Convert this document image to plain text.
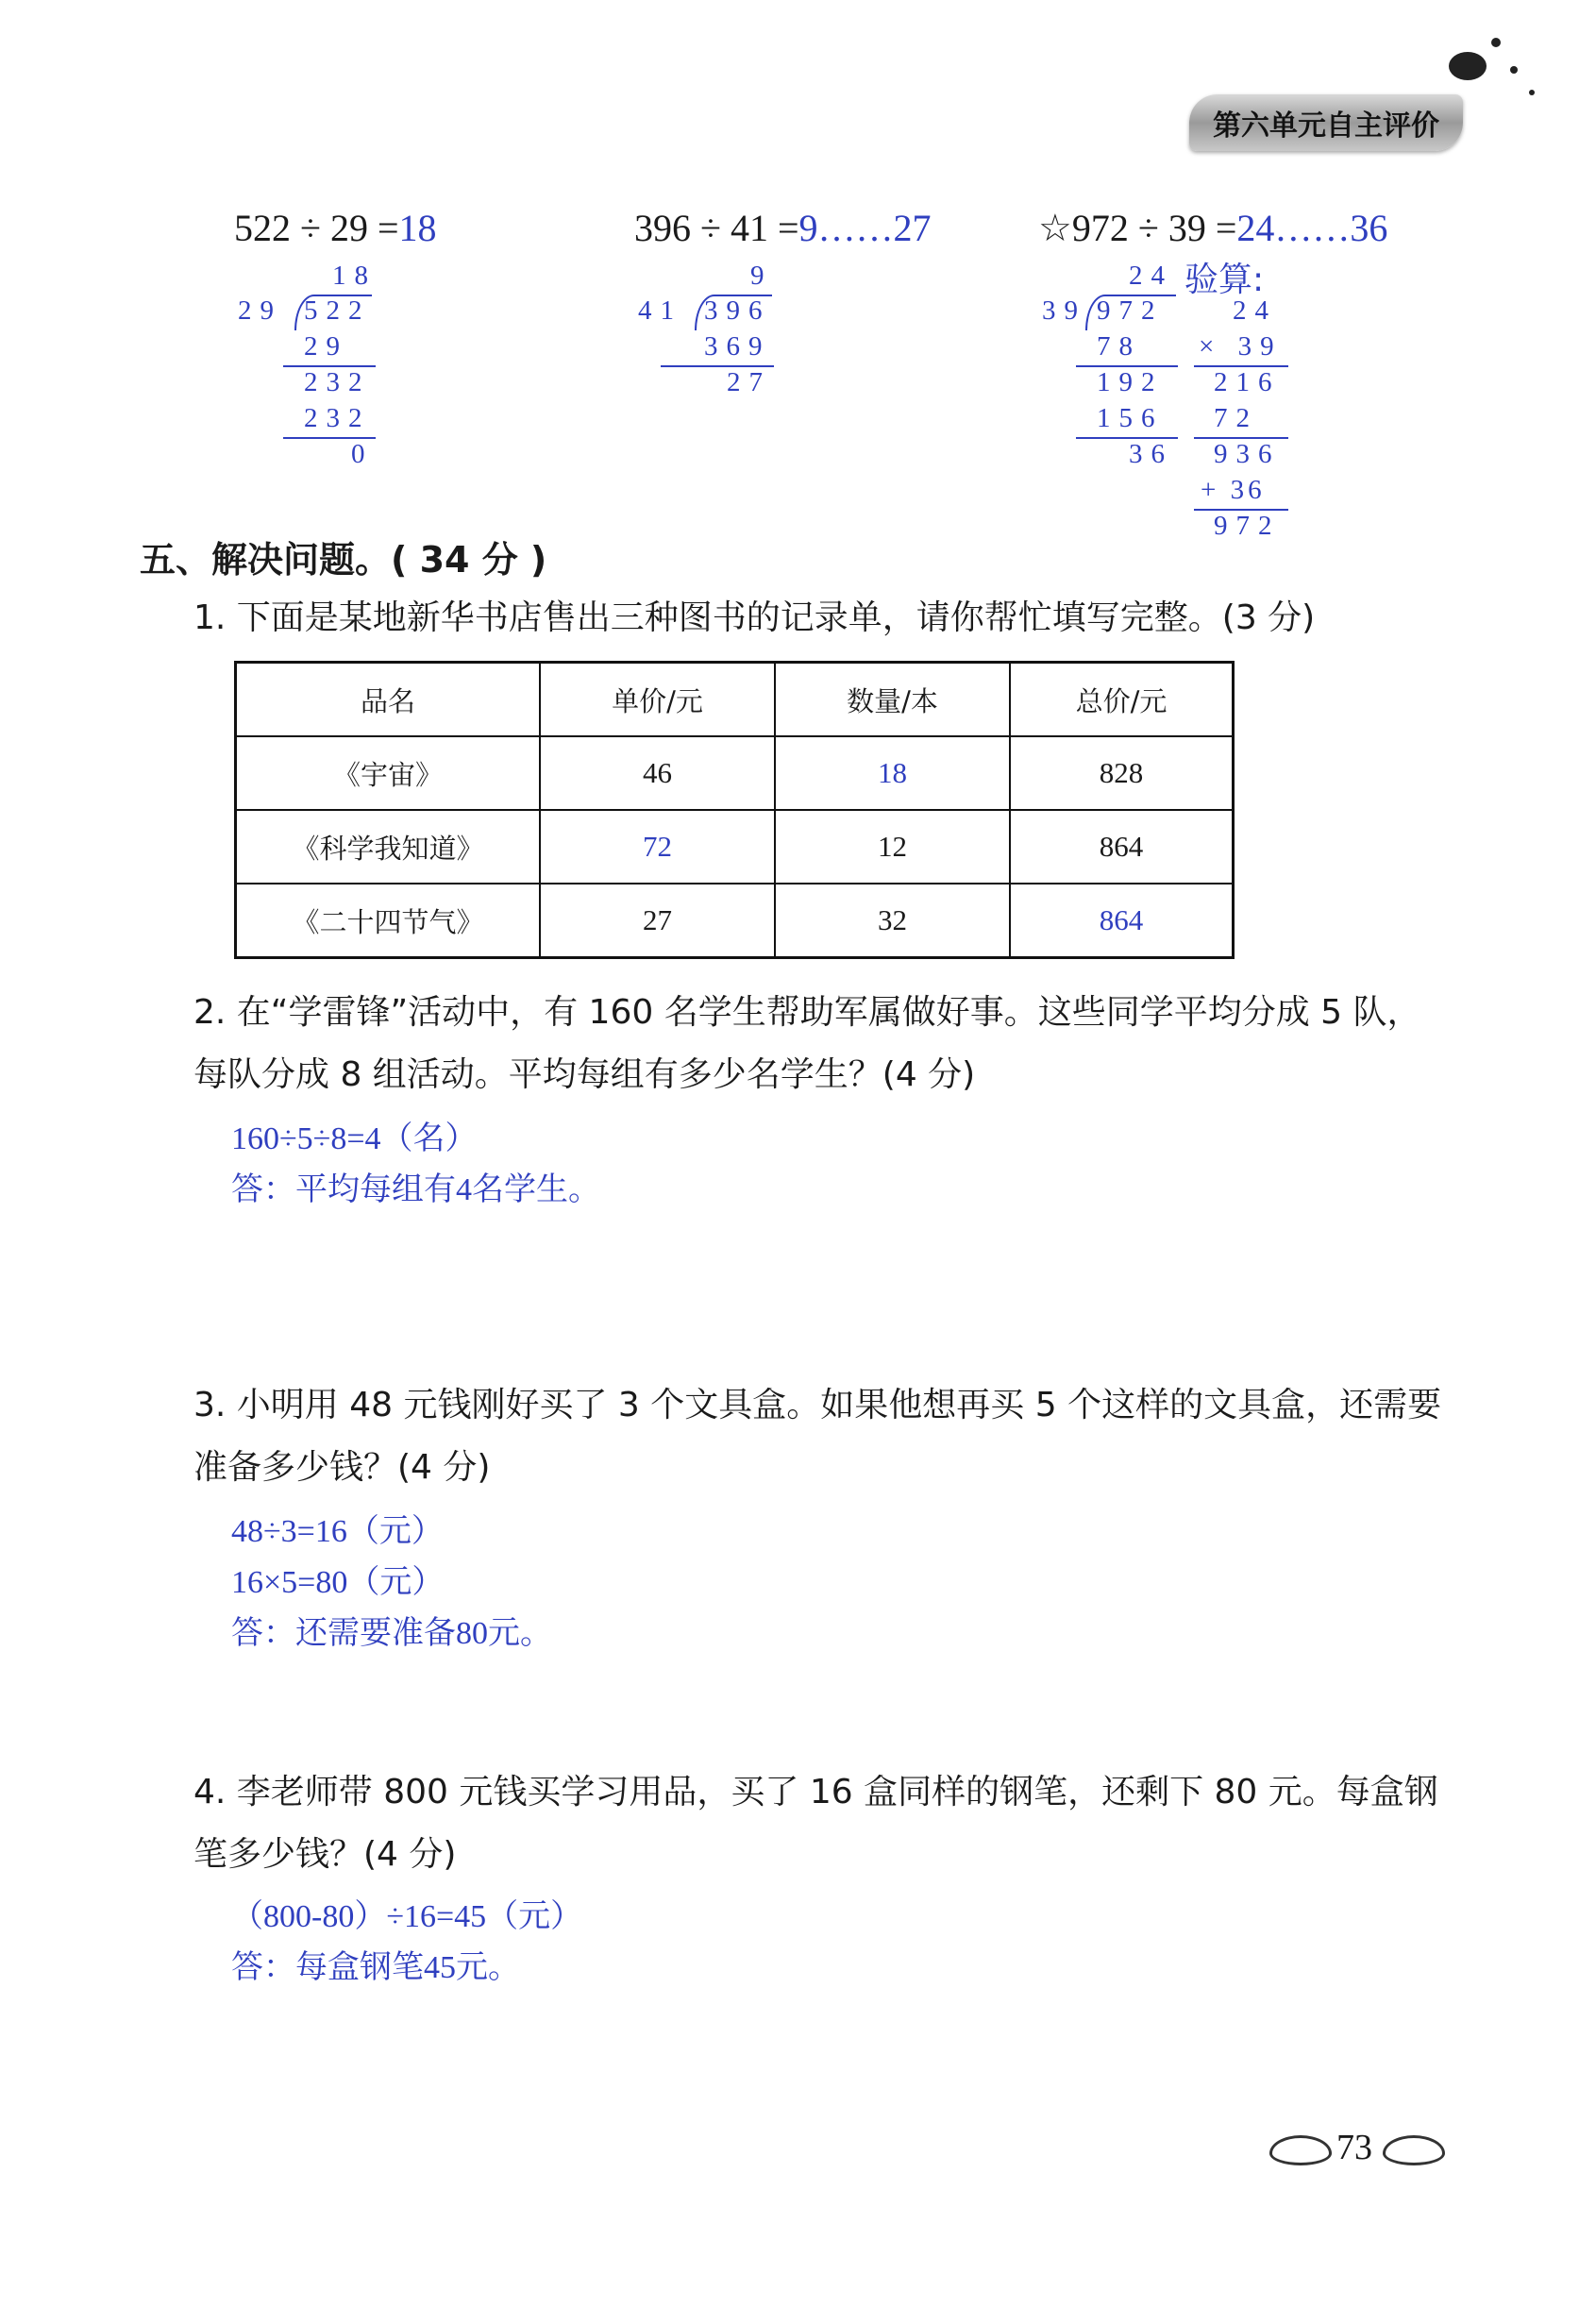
第六单元自主评价
522 ÷ 29 =18
18
29 522
29
232
232
0
396 ÷ 41 =9……27
9
41 396
369
27
☆972 ÷ 39 =24……36
24
39 972
78
192
156
36
验算:
24
× 39
216
72
936
+ 36
972
五、解决问题。( 34 分 )
1. 下面是某地新华书店售出三种图书的记录单，请你帮忙填写完整。(3 分)
品名	单价/元	数量/本	总价/元
《宇宙》	46	18	828
《科学我知道》	72	12	864
《二十四节气》	27	32	864
2. 在“学雷锋”活动中，有 160 名学生帮助军属做好事。这些同学平均分成 5 队，每队分成 8 组活动。平均每组有多少名学生？(4 分)
160÷5÷8=4（名）
答：平均每组有4名学生。
3. 小明用 48 元钱刚好买了 3 个文具盒。如果他想再买 5 个这样的文具盒，还需要准备多少钱？(4 分)
48÷3=16（元）
16×5=80（元）
答：还需要准备80元。
4. 李老师带 800 元钱买学习用品，买了 16 盒同样的钢笔，还剩下 80 元。每盒钢笔多少钱？(4 分)
（800-80）÷16=45（元）
答：每盒钢笔45元。
73
